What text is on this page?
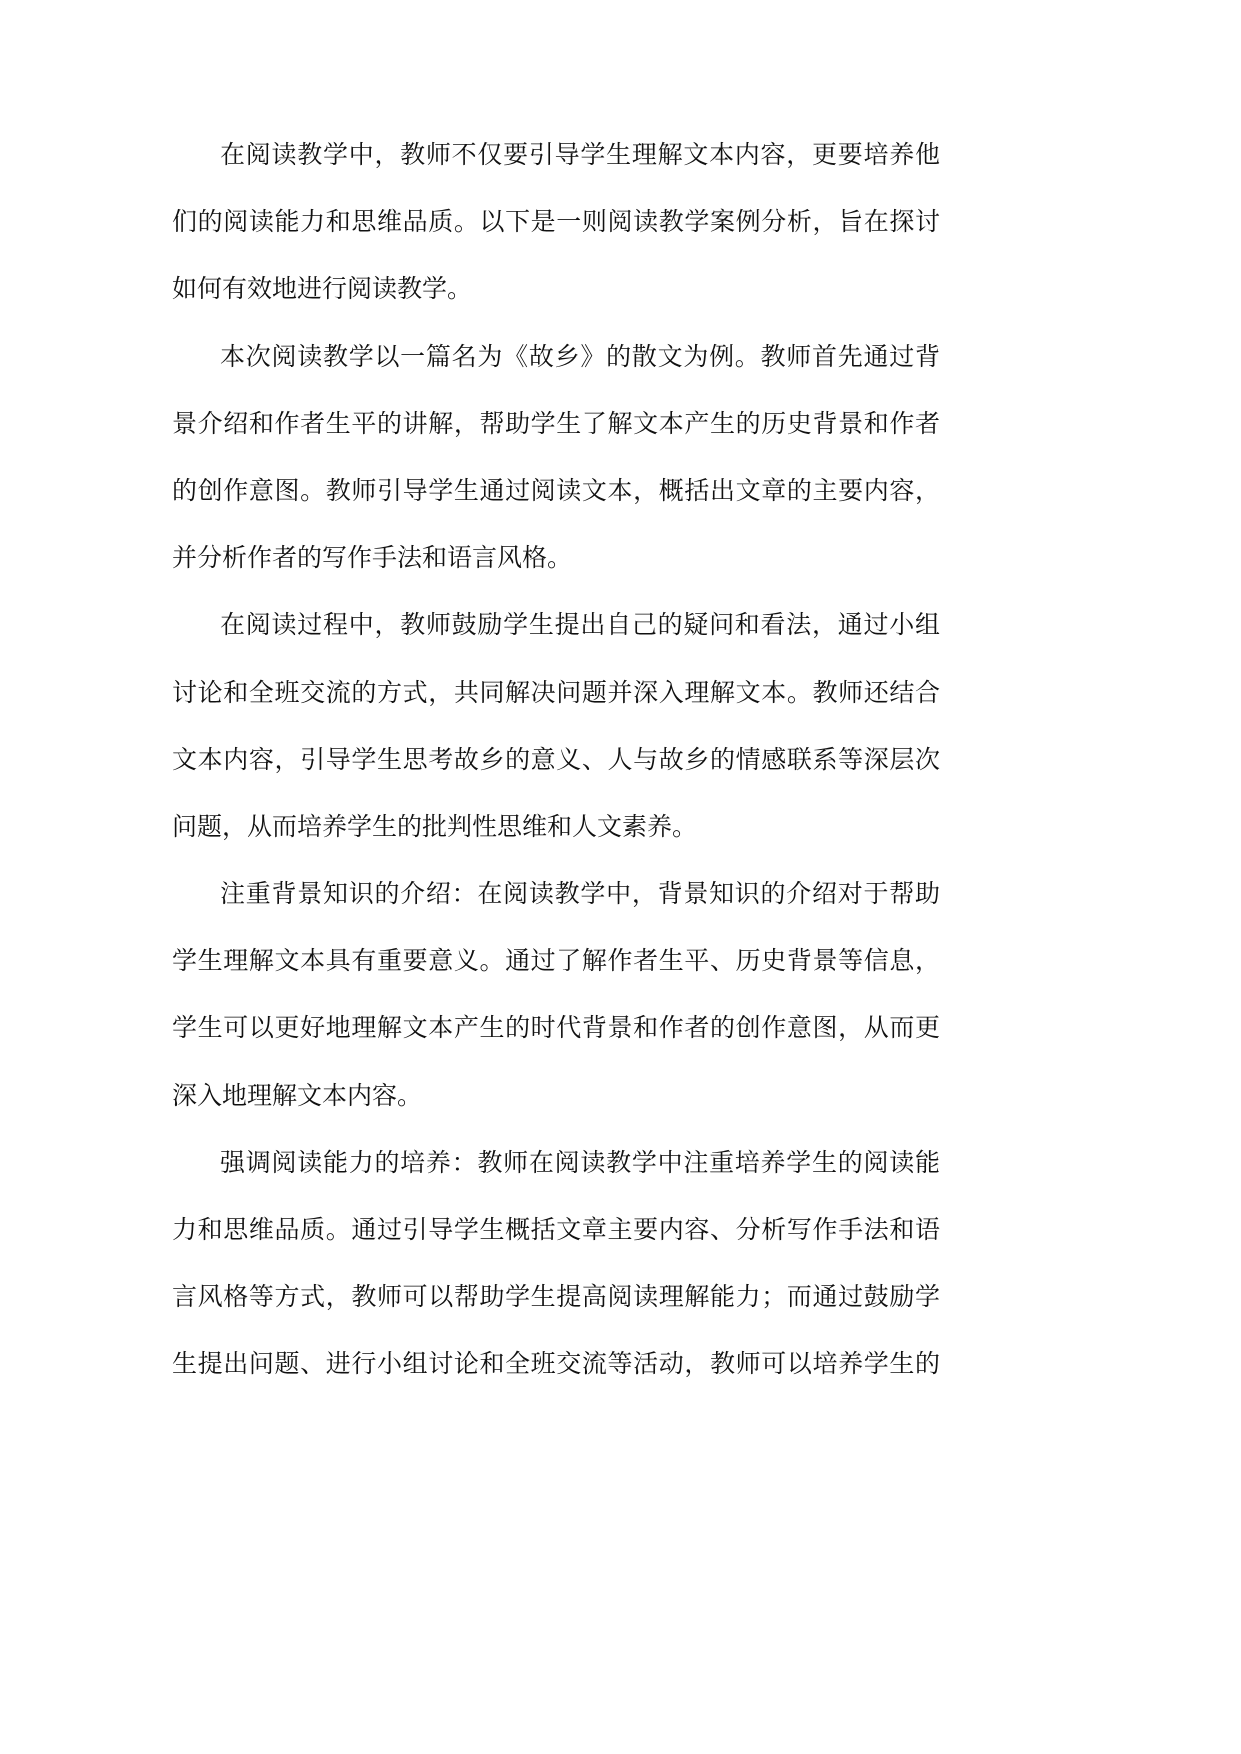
在阅读教学中，教师不仅要引导学生理解文本内容，更要培养他
们的阅读能力和思维品质。以下是一则阅读教学案例分析，旨在探讨
如何有效地进行阅读教学。
本次阅读教学以一篇名为《故乡》的散文为例。教师首先通过背
景介绍和作者生平的讲解，帮助学生了解文本产生的历史背景和作者
的创作意图。教师引导学生通过阅读文本，概括出文章的主要内容，
并分析作者的写作手法和语言风格。
在阅读过程中，教师鼓励学生提出自己的疑问和看法，通过小组
讨论和全班交流的方式，共同解决问题并深入理解文本。教师还结合
文本内容，引导学生思考故乡的意义、人与故乡的情感联系等深层次
问题，从而培养学生的批判性思维和人文素养。
注重背景知识的介绍：在阅读教学中，背景知识的介绍对于帮助
学生理解文本具有重要意义。通过了解作者生平、历史背景等信息，
学生可以更好地理解文本产生的时代背景和作者的创作意图，从而更
深入地理解文本内容。
强调阅读能力的培养：教师在阅读教学中注重培养学生的阅读能
力和思维品质。通过引导学生概括文章主要内容、分析写作手法和语
言风格等方式，教师可以帮助学生提高阅读理解能力；而通过鼓励学
生提出问题、进行小组讨论和全班交流等活动，教师可以培养学生的
